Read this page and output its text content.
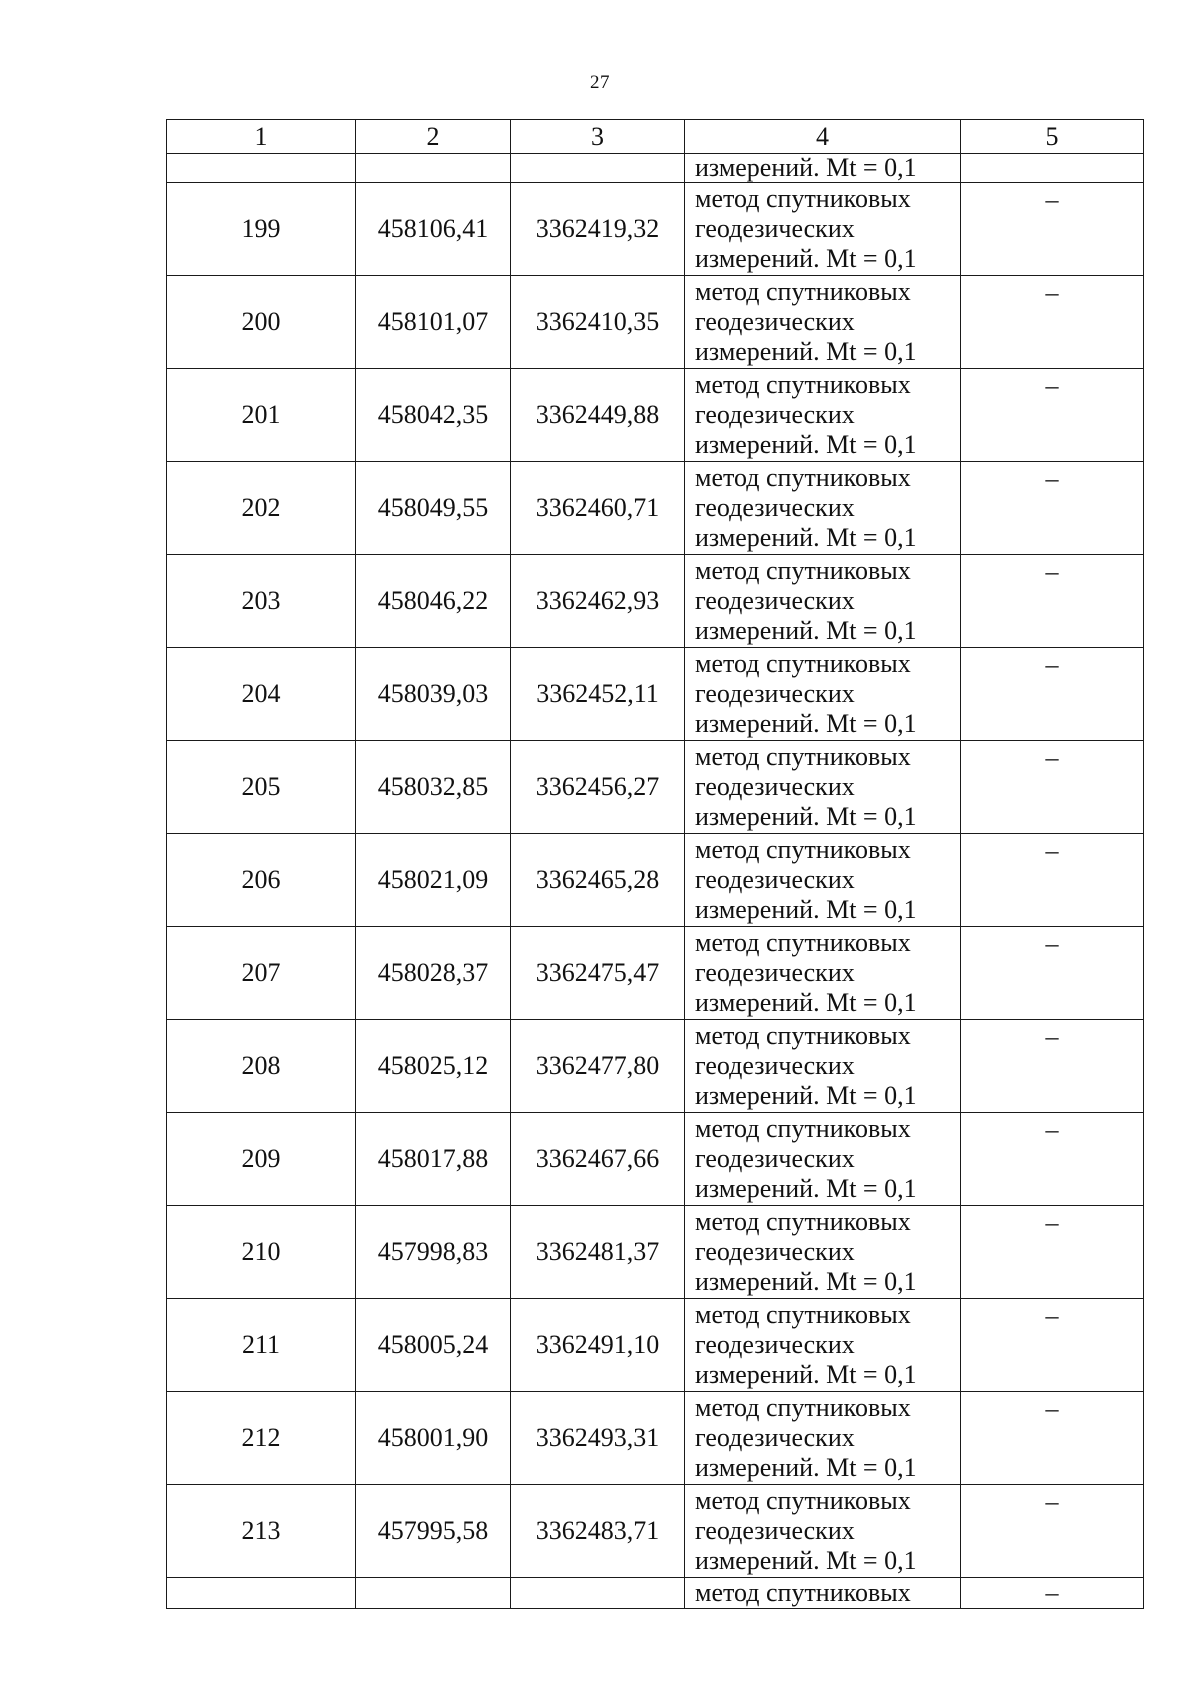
27
1	2	3	4	5
			измерений. Mt = 0,1	
199	458106,41	3362419,32	метод спутниковых
геодезических
измерений. Mt = 0,1	–
200	458101,07	3362410,35	метод спутниковых
геодезических
измерений. Mt = 0,1	–
201	458042,35	3362449,88	метод спутниковых
геодезических
измерений. Mt = 0,1	–
202	458049,55	3362460,71	метод спутниковых
геодезических
измерений. Mt = 0,1	–
203	458046,22	3362462,93	метод спутниковых
геодезических
измерений. Mt = 0,1	–
204	458039,03	3362452,11	метод спутниковых
геодезических
измерений. Mt = 0,1	–
205	458032,85	3362456,27	метод спутниковых
геодезических
измерений. Mt = 0,1	–
206	458021,09	3362465,28	метод спутниковых
геодезических
измерений. Mt = 0,1	–
207	458028,37	3362475,47	метод спутниковых
геодезических
измерений. Mt = 0,1	–
208	458025,12	3362477,80	метод спутниковых
геодезических
измерений. Mt = 0,1	–
209	458017,88	3362467,66	метод спутниковых
геодезических
измерений. Mt = 0,1	–
210	457998,83	3362481,37	метод спутниковых
геодезических
измерений. Mt = 0,1	–
211	458005,24	3362491,10	метод спутниковых
геодезических
измерений. Mt = 0,1	–
212	458001,90	3362493,31	метод спутниковых
геодезических
измерений. Mt = 0,1	–
213	457995,58	3362483,71	метод спутниковых
геодезических
измерений. Mt = 0,1	–
			метод спутниковых	–
